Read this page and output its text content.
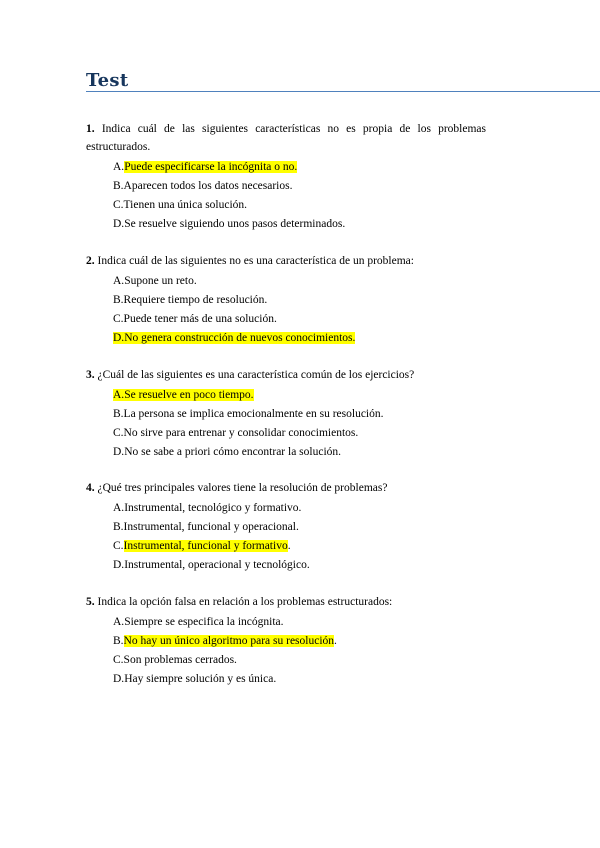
Test
1. Indica cuál de las siguientes características no es propia de los problemas estructurados.
A.Puede especificarse la incógnita o no.
B.Aparecen todos los datos necesarios.
C.Tienen una única solución.
D.Se resuelve siguiendo unos pasos determinados.
2. Indica cuál de las siguientes no es una característica de un problema:
A.Supone un reto.
B.Requiere tiempo de resolución.
C.Puede tener más de una solución.
D.No genera construcción de nuevos conocimientos.
3. ¿Cuál de las siguientes es una característica común de los ejercicios?
A.Se resuelve en poco tiempo.
B.La persona se implica emocionalmente en su resolución.
C.No sirve para entrenar y consolidar conocimientos.
D.No se sabe a priori cómo encontrar la solución.
4. ¿Qué tres principales valores tiene la resolución de problemas?
A.Instrumental, tecnológico y formativo.
B.Instrumental, funcional y operacional.
C.Instrumental, funcional y formativo.
D.Instrumental, operacional y tecnológico.
5. Indica la opción falsa en relación a los problemas estructurados:
A.Siempre se especifica la incógnita.
B.No hay un único algoritmo para su resolución.
C.Son problemas cerrados.
D.Hay siempre solución y es única.
